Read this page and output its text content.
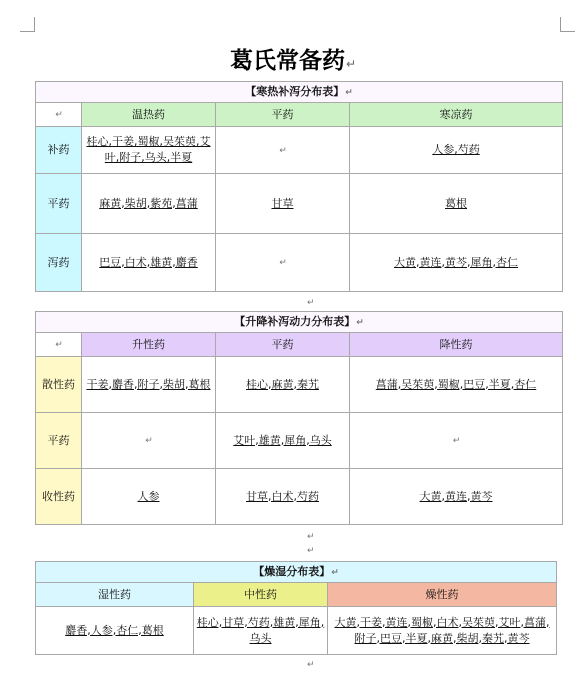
葛氏常备药↵
【寒热补泻分布表】↵			
↵	温热药	平药	寒凉药
补药	桂心,干姜,蜀椒,吴茱萸,艾叶,附子,乌头,半夏	↵	人参,芍药
平药	麻黄,柴胡,紫苑,菖蒲	甘草	葛根
泻药	巴豆,白术,雄黄,麝香	↵	大黄,黄连,黄芩,犀角,杏仁
↵
【升降补泻动力分布表】↵			
↵	升性药	平药	降性药
散性药	干姜,麝香,附子,柴胡,葛根	桂心,麻黄,秦艽	菖蒲,吴茱萸,蜀椒,巴豆,半夏,杏仁
平药	↵	艾叶,雄黄,犀角,乌头	↵
收性药	人参	甘草,白术,芍药	大黄,黄连,黄芩
↵
↵
【燥湿分布表】↵		
湿性药	中性药	燥性药
麝香,人参,杏仁,葛根	桂心,甘草,芍药,雄黄,犀角,乌头	大黄,干姜,黄连,蜀椒,白术,吴茱萸,艾叶,菖蒲,附子,巴豆,半夏,麻黄,柴胡,秦艽,黄芩
↵
